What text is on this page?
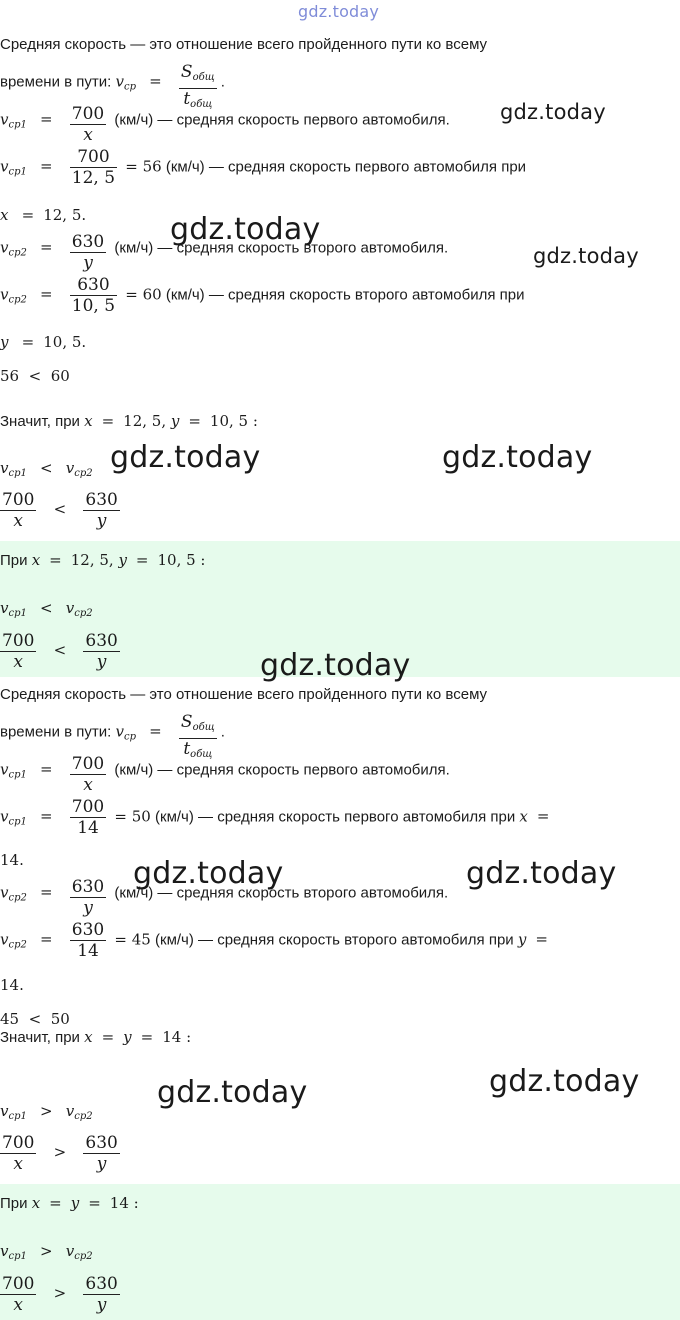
gdz.today
Средняя скорость — это отношение всего пройденного пути ко всему
времени в пути: $v_{ср} = \frac{S_{общ}}{t_{общ}}$ .
$v_{ср1} = \frac{700}{x} (км/ч)$ — средняя скорость первого автомобиля.
$v_{ср1} = \frac{700}{12, 5} = 56$ (км/ч) — средняя скорость первого автомобиля при
x = 12, 5.
$v_{ср2} = \frac{630}{y} (км/ч)$ — средняя скорость второго автомобиля.
$v_{ср2} = \frac{630}{10, 5} = 60$ (км/ч) — средняя скорость второго автомобиля при
y = 10, 5.
56  <  60
Значит, при x = 12, 5, y = 10, 5 :
$v_{ср1} < v_{ср2}$
$\frac{700}{x} < \frac{630}{y}$
При x = 12, 5, y = 10, 5 :
$v_{ср1} < v_{ср2}$
$\frac{700}{x} < \frac{630}{y}$
Средняя скорость — это отношение всего пройденного пути ко всему
времени в пути: $v_{ср} = \frac{S_{общ}}{t_{общ}}$ .
$v_{ср1} = \frac{700}{x} (км/ч)$ — средняя скорость первого автомобиля.
$v_{ср1} = \frac{700}{14} = 50$ (км/ч) — средняя скорость первого автомобиля при x =
14.
$v_{ср2} = \frac{630}{y} (км/ч)$ — средняя скорость второго автомобиля.
$v_{ср2} = \frac{630}{14} = 45$ (км/ч) — средняя скорость второго автомобиля при y =
14.
45  <  50
Значит, при x = y = 14 :
$v_{ср1} > v_{ср2}$
$\frac{700}{x} > \frac{630}{y}$
При x = y = 14 :
$v_{ср1} > v_{ср2}$
$\frac{700}{x} > \frac{630}{y}$
gdz.today
gdz.today
gdz.today
gdz.today	gdz.today
gdz.today
gdz.today	gdz.today
gdz.today	gdz.today
